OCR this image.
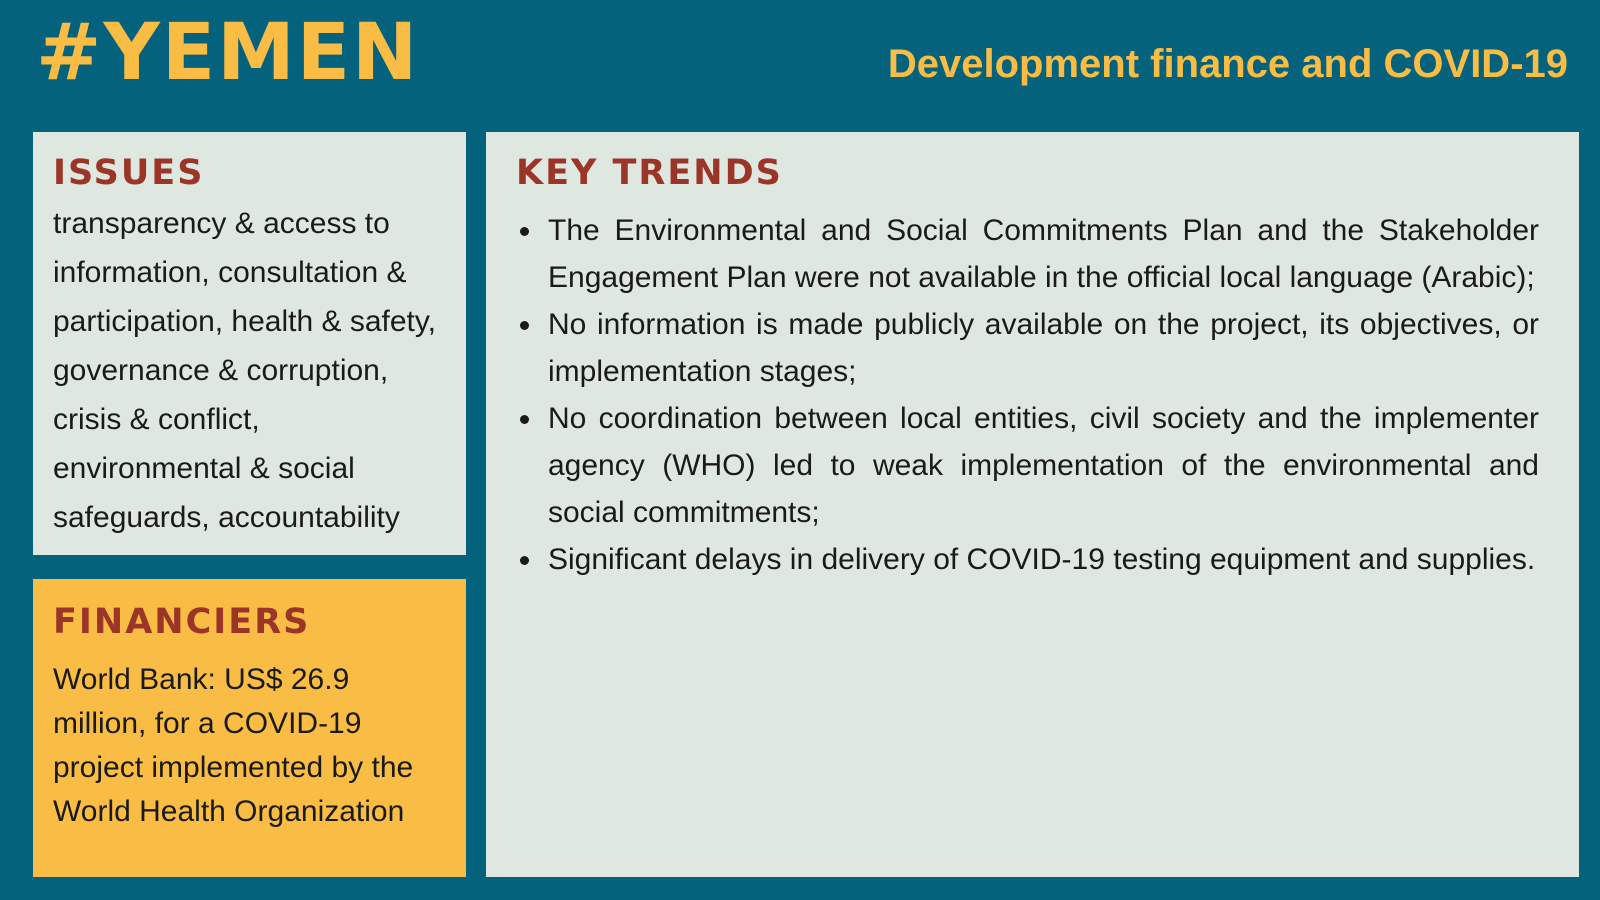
#YEMEN	Development finance and COVID-19
ISSUES
transparency & access to information, consultation & participation, health & safety, governance & corruption, crisis & conflict, environmental & social safeguards, accountability
FINANCIERS
World Bank: US$ 26.9 million, for a COVID-19 project implemented by the World Health Organization
KEY TRENDS
• The Environmental and Social Commitments Plan and the Stakeholder Engagement Plan were not available in the official local language (Arabic);
• No information is made publicly available on the project, its objectives, or implementation stages;
• No coordination between local entities, civil society and the implementer agency (WHO) led to weak implementation of the environmental and social commitments;
• Significant delays in delivery of COVID-19 testing equipment and supplies.
